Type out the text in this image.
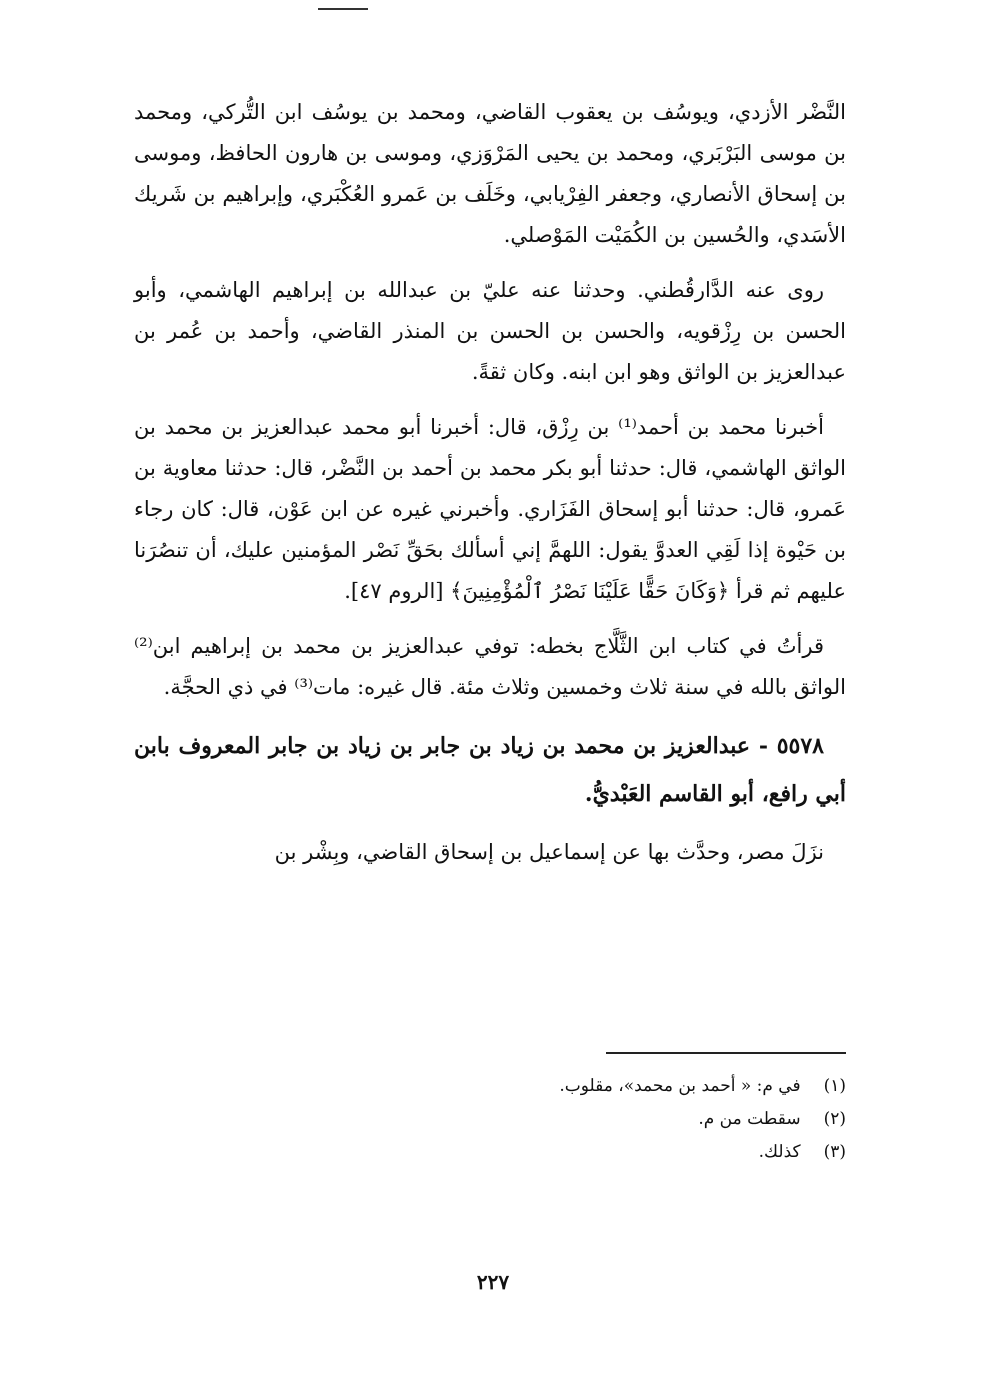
النَّضْر الأزدي، ويوسُف بن يعقوب القاضي، ومحمد بن يوسُف ابن التُّركي، ومحمد بن موسى البَرْبَري، ومحمد بن يحيى المَرْوَزي، وموسى بن هارون الحافظ، وموسى بن إسحاق الأنصاري، وجعفر الفِرْيابي، وخَلَف بن عَمرو العُكْبَري، وإبراهيم بن شَريك الأسَدي، والحُسين بن الكُمَيْت المَوْصلي.

روى عنه الدَّارقُطني. وحدثنا عنه عليّ بن عبدالله بن إبراهيم الهاشمي، وأبو الحسن بن رِزْقويه، والحسن بن الحسن بن المنذر القاضي، وأحمد بن عُمر بن عبدالعزيز بن الواثق وهو ابن ابنه. وكان ثقةً.

أخبرنا محمد بن أحمد⁽¹⁾ بن رِزْق، قال: أخبرنا أبو محمد عبدالعزيز بن محمد بن الواثق الهاشمي، قال: حدثنا أبو بكر محمد بن أحمد بن النَّضْر، قال: حدثنا معاوية بن عَمرو، قال: حدثنا أبو إسحاق الفَزَاري. وأخبرني غيره عن ابن عَوْن، قال: كان رجاء بن حَيْوة إذا لَقِي العدوَّ يقول: اللهمَّ إني أسألك بحَقِّ نَصْر المؤمنين عليك، أن تنصُرَنا عليهم ثم قرأ ﴿وَكَانَ حَقًّا عَلَيْنَا نَصْرُ ٱلْمُؤْمِنِينَ﴾ [الروم ٤٧].

قرأتُ في كتاب ابن الثَّلَّاج بخطه: توفي عبدالعزيز بن محمد بن إبراهيم ابن⁽²⁾ الواثق بالله في سنة ثلاث وخمسين وثلاث مئة. قال غيره: مات⁽³⁾ في ذي الحجَّة.

٥٥٧٨ - عبدالعزيز بن محمد بن زياد بن جابر بن زياد بن جابر المعروف بابن أبي رافع، أبو القاسم العَبْديُّ.

نزَلَ مصر، وحدَّث بها عن إسماعيل بن إسحاق القاضي، وبِشْر بن

(١) في م: « أحمد بن محمد»، مقلوب.
(٢) سقطت من م.
(٣) كذلك.
٢٢٧
